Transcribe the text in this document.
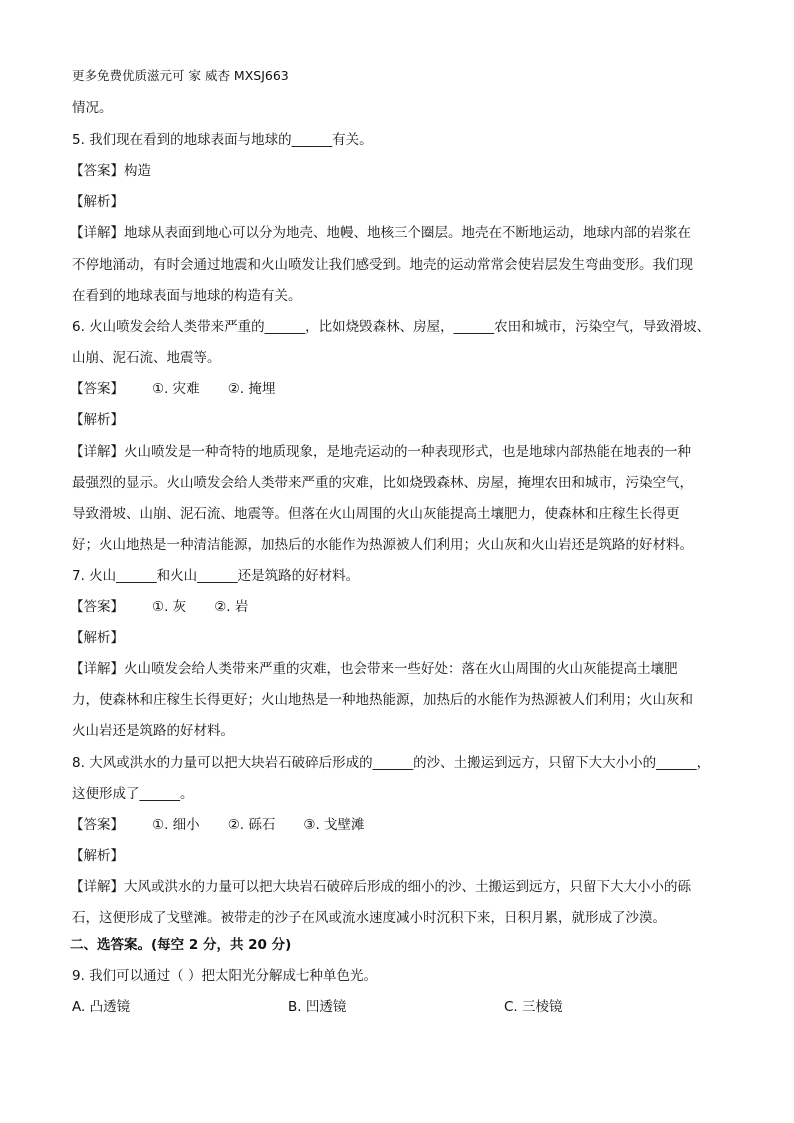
更多免费优质滋元可 家 威杏 MXSJ663
情况。
5. 我们现在看到的地球表面与地球的______有关。
【答案】构造
【解析】
【详解】地球从表面到地心可以分为地壳、地幔、地核三个圈层。地壳在不断地运动，地球内部的岩浆在
不停地涌动，有时会通过地震和火山喷发让我们感受到。地壳的运动常常会使岩层发生弯曲变形。我们现
在看到的地球表面与地球的构造有关。
6. 火山喷发会给人类带来严重的______，比如烧毁森林、房屋，______农田和城市，污染空气，导致滑坡、
山崩、泥石流、地震等。
【答案】 ①. 灾难 ②. 掩埋
【解析】
【详解】火山喷发是一种奇特的地质现象，是地壳运动的一种表现形式，也是地球内部热能在地表的一种
最强烈的显示。火山喷发会给人类带来严重的灾难，比如烧毁森林、房屋，掩埋农田和城市，污染空气，
导致滑坡、山崩、泥石流、地震等。但落在火山周围的火山灰能提高土壤肥力，使森林和庄稼生长得更
好；火山地热是一种清洁能源，加热后的水能作为热源被人们利用；火山灰和火山岩还是筑路的好材料。
7. 火山______和火山______还是筑路的好材料。
【答案】 ①. 灰 ②. 岩
【解析】
【详解】火山喷发会给人类带来严重的灾难，也会带来一些好处：落在火山周围的火山灰能提高土壤肥
力，使森林和庄稼生长得更好；火山地热是一种地热能源，加热后的水能作为热源被人们利用；火山灰和
火山岩还是筑路的好材料。
8. 大风或洪水的力量可以把大块岩石破碎后形成的______的沙、土搬运到远方，只留下大大小小的______，
这便形成了______。
【答案】 ①. 细小 ②. 砾石 ③. 戈壁滩
【解析】
【详解】大风或洪水的力量可以把大块岩石破碎后形成的细小的沙、土搬运到远方，只留下大大小小的砾
石，这便形成了戈壁滩。被带走的沙子在风或流水速度减小时沉积下来，日积月累，就形成了沙漠。
二、选答案。(每空 2 分，共 20 分)
9. 我们可以通过（ ）把太阳光分解成七种单色光。
A. 凸透镜	B. 凹透镜	C. 三棱镜
